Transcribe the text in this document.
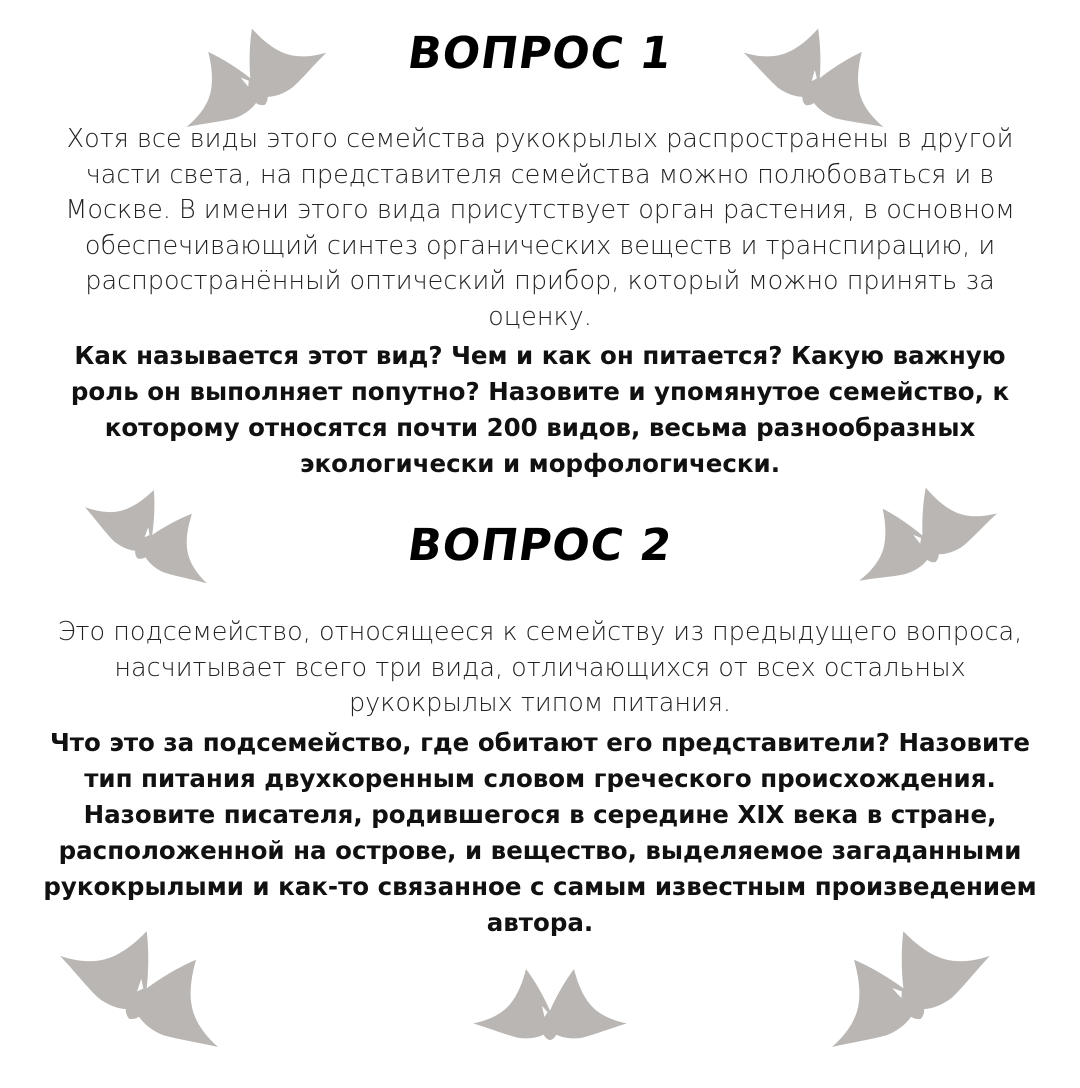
ВОПРОС 1

Хотя все виды этого семейства рукокрылых распространены в другой части света, на представителя семейства можно полюбоваться и в Москве. В имени этого вида присутствует орган растения, в основном обеспечивающий синтез органических веществ и транспирацию, и распространённый оптический прибор, который можно принять за оценку.

Как называется этот вид? Чем и как он питается? Какую важную роль он выполняет попутно? Назовите и упомянутое семейство, к которому относятся почти 200 видов, весьма разнообразных экологически и морфологически.

ВОПРОС 2

Это подсемейство, относящееся к семейству из предыдущего вопроса, насчитывает всего три вида, отличающихся от всех остальных рукокрылых типом питания.

Что это за подсемейство, где обитают его представители? Назовите тип питания двухкоренным словом греческого происхождения. Назовите писателя, родившегося в середине XIX века в стране, расположенной на острове, и вещество, выделяемое загаданными рукокрылыми и как-то связанное с самым известным произведением автора.
